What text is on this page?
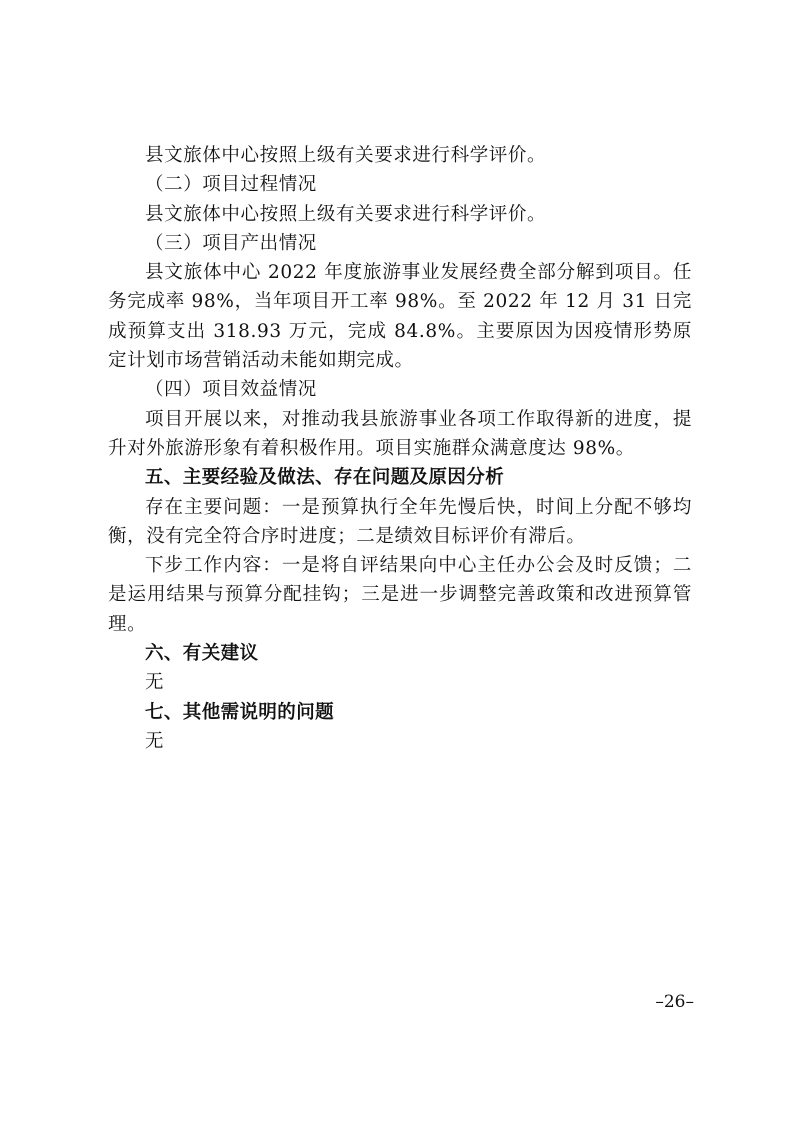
县文旅体中心按照上级有关要求进行科学评价。

（二）项目过程情况

县文旅体中心按照上级有关要求进行科学评价。

（三）项目产出情况

县文旅体中心 2022 年度旅游事业发展经费全部分解到项目。任务完成率 98%，当年项目开工率 98%。至 2022 年 12 月 31 日完成预算支出 318.93 万元，完成 84.8%。主要原因为因疫情形势原定计划市场营销活动未能如期完成。

（四）项目效益情况

项目开展以来，对推动我县旅游事业各项工作取得新的进度，提升对外旅游形象有着积极作用。项目实施群众满意度达 98%。

五、主要经验及做法、存在问题及原因分析

存在主要问题：一是预算执行全年先慢后快，时间上分配不够均衡，没有完全符合序时进度；二是绩效目标评价有滞后。

下步工作内容：一是将自评结果向中心主任办公会及时反馈；二是运用结果与预算分配挂钩；三是进一步调整完善政策和改进预算管理。

六、有关建议

无

七、其他需说明的问题

无

–26–
